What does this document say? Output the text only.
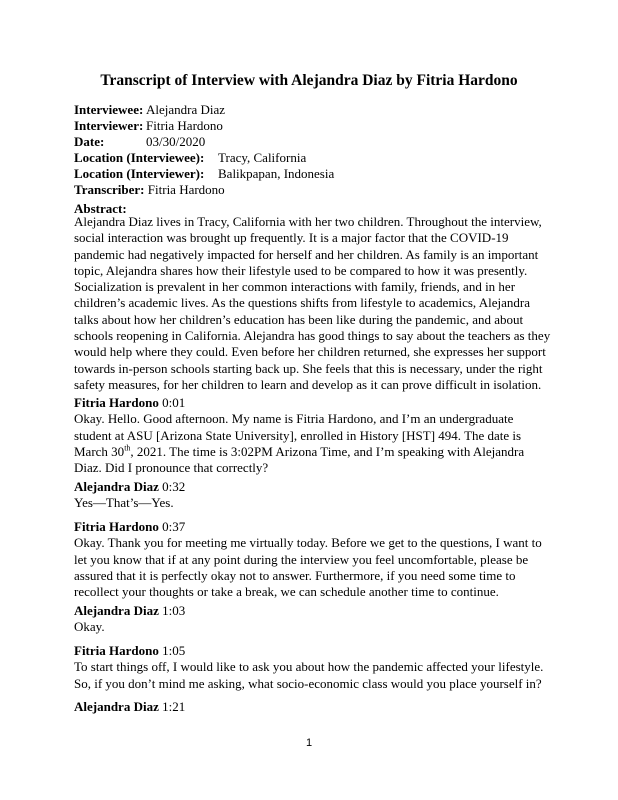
Transcript of Interview with Alejandra Diaz by Fitria Hardono
Interviewee: Alejandra Diaz
Interviewer: Fitria Hardono
Date:	03/30/2020
Location (Interviewee): Tracy, California
Location (Interviewer): Balikpapan, Indonesia
Transcriber: Fitria Hardono
Abstract:
Alejandra Diaz lives in Tracy, California with her two children. Throughout the interview, social interaction was brought up frequently. It is a major factor that the COVID-19 pandemic had negatively impacted for herself and her children. As family is an important topic, Alejandra shares how their lifestyle used to be compared to how it was presently. Socialization is prevalent in her common interactions with family, friends, and in her children’s academic lives. As the questions shifts from lifestyle to academics, Alejandra talks about how her children’s education has been like during the pandemic, and about schools reopening in California. Alejandra has good things to say about the teachers as they would help where they could. Even before her children returned, she expresses her support towards in-person schools starting back up. She feels that this is necessary, under the right safety measures, for her children to learn and develop as it can prove difficult in isolation.
Fitria Hardono 0:01
Okay. Hello. Good afternoon. My name is Fitria Hardono, and I’m an undergraduate student at ASU [Arizona State University], enrolled in History [HST] 494. The date is March 30th, 2021. The time is 3:02PM Arizona Time, and I’m speaking with Alejandra Diaz. Did I pronounce that correctly?
Alejandra Diaz 0:32
Yes—That’s—Yes.
Fitria Hardono 0:37
Okay. Thank you for meeting me virtually today. Before we get to the questions, I want to let you know that if at any point during the interview you feel uncomfortable, please be assured that it is perfectly okay not to answer. Furthermore, if you need some time to recollect your thoughts or take a break, we can schedule another time to continue.
Alejandra Diaz 1:03
Okay.
Fitria Hardono 1:05
To start things off, I would like to ask you about how the pandemic affected your lifestyle. So, if you don’t mind me asking, what socio-economic class would you place yourself in?
Alejandra Diaz 1:21
1
